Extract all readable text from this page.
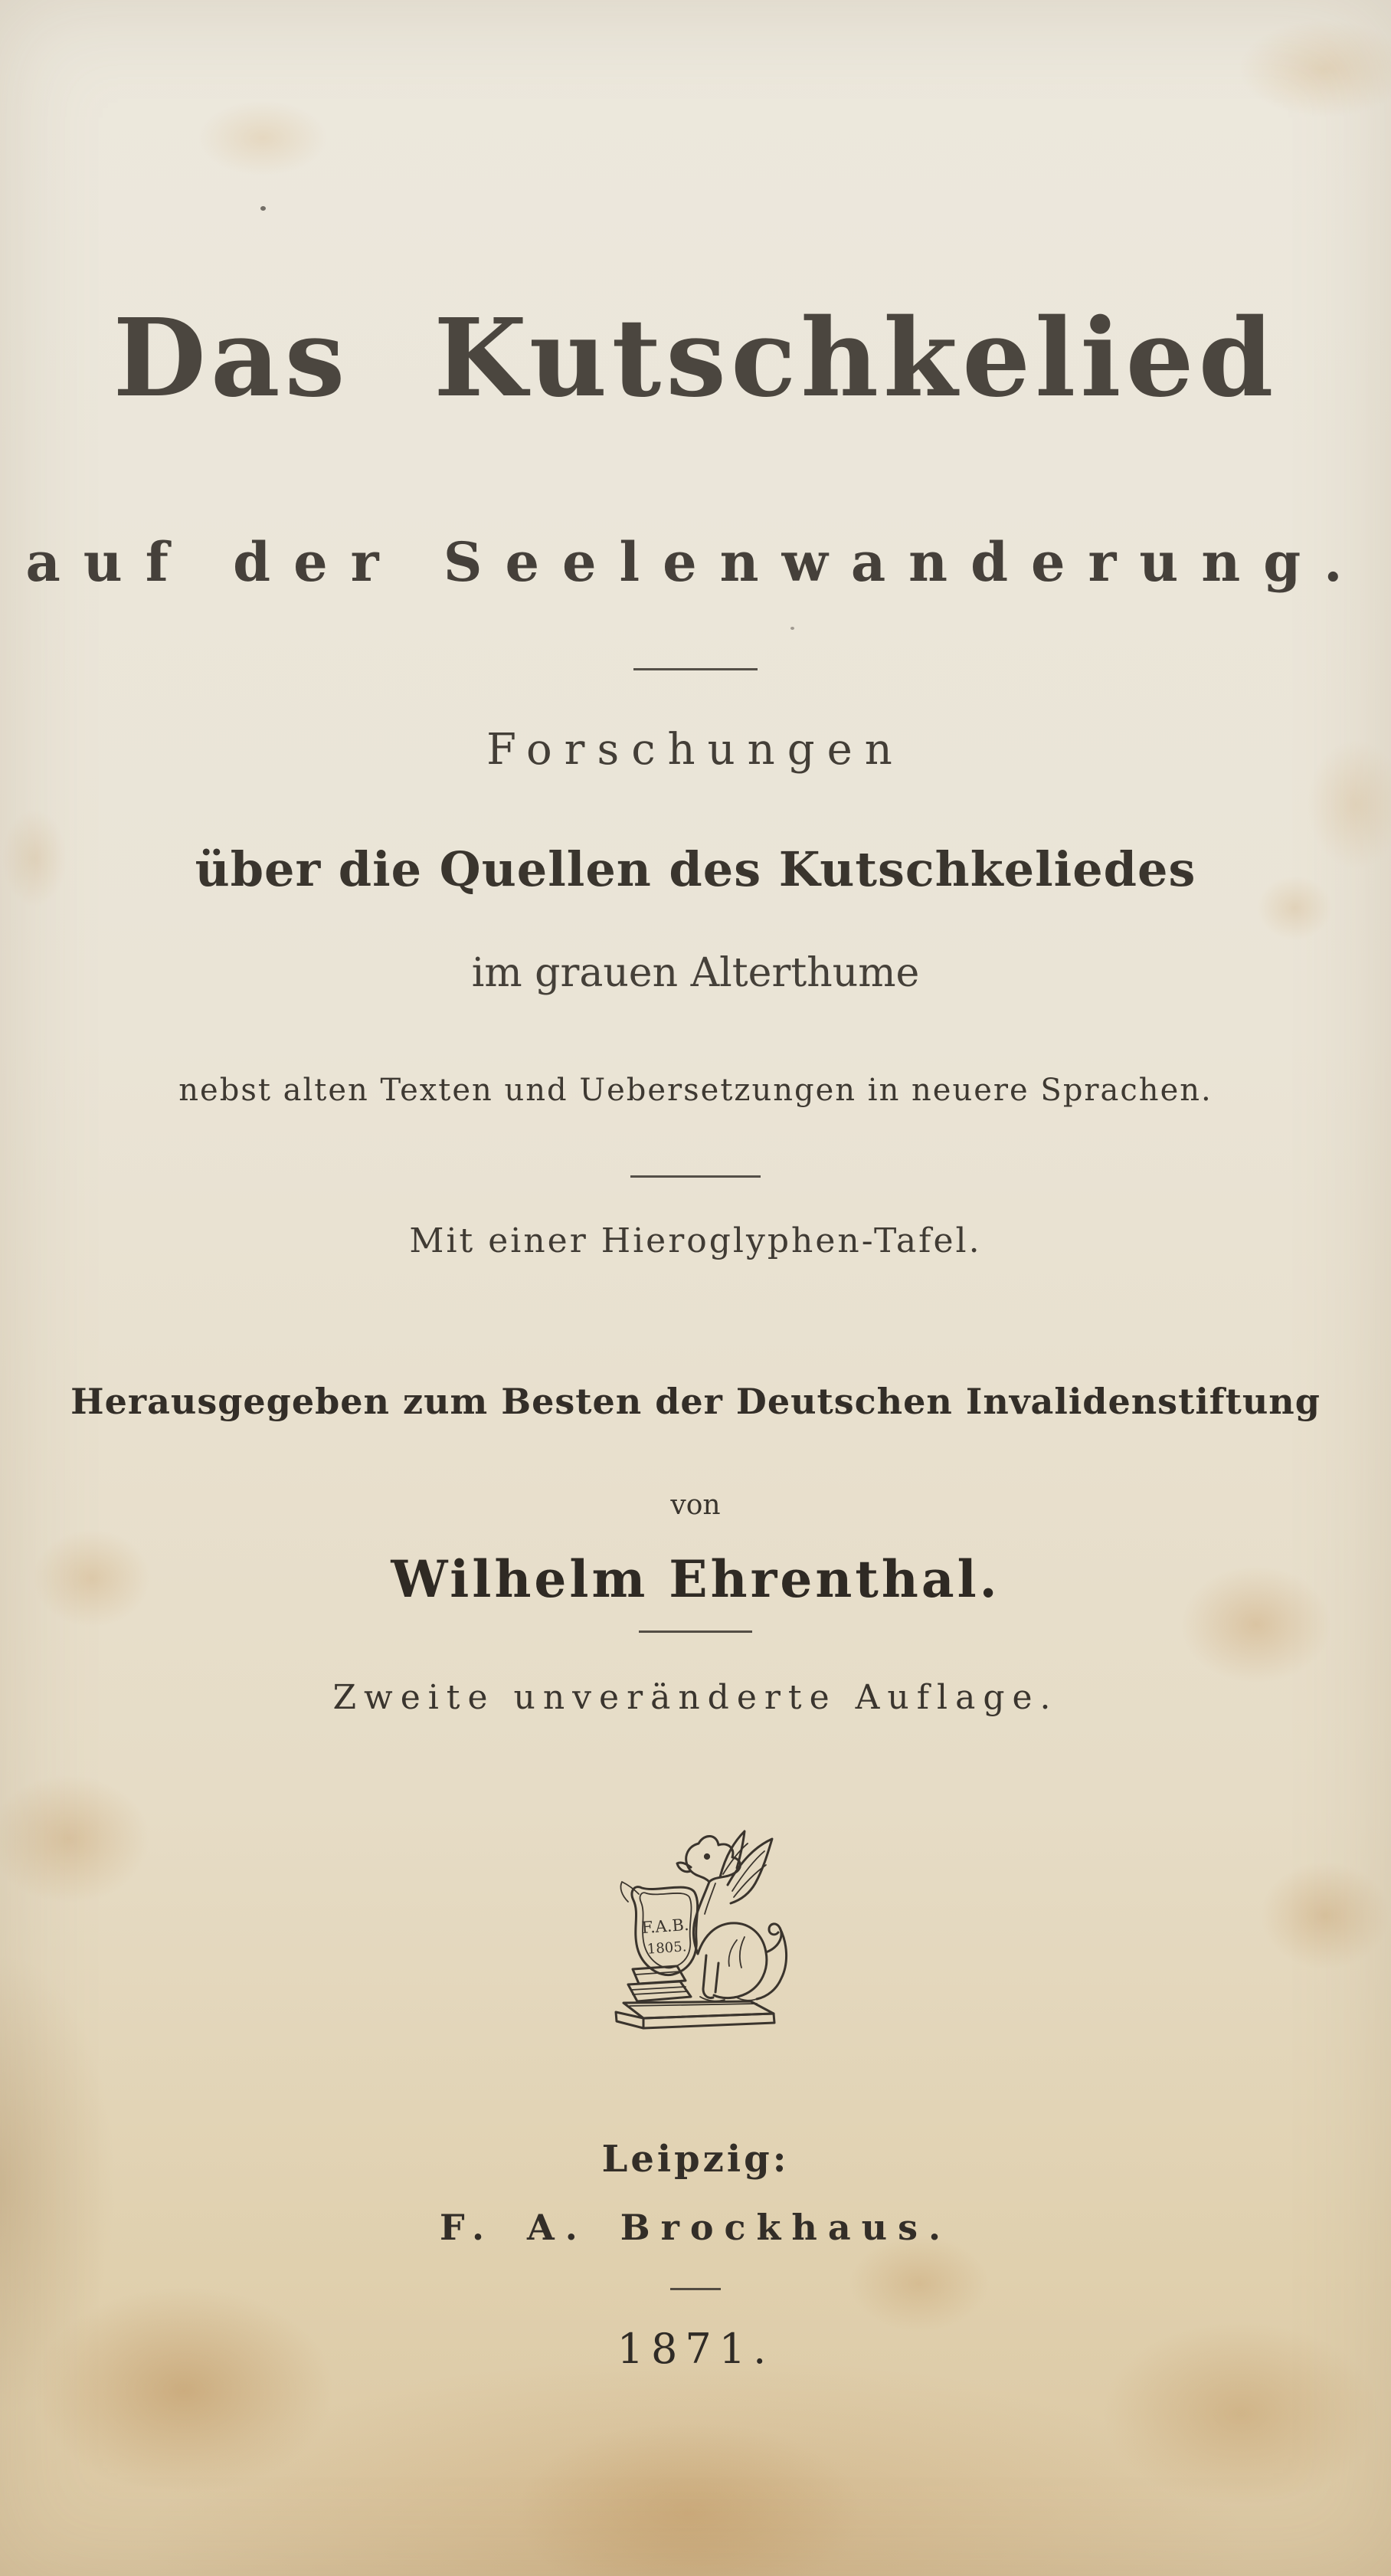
Das Kutschkelied
auf der Seelenwanderung.
Forschungen
über die Quellen des Kutschkeliedes
im grauen Alterthume
nebst alten Texten und Uebersetzungen in neuere Sprachen.
Mit einer Hieroglyphen-Tafel.
Herausgegeben zum Besten der Deutschen Invalidenstiftung
von
Wilhelm Ehrenthal.
Zweite unveränderte Auflage.
F.A.B.
1805.
Leipzig:
F. A. Brockhaus.
1871.
